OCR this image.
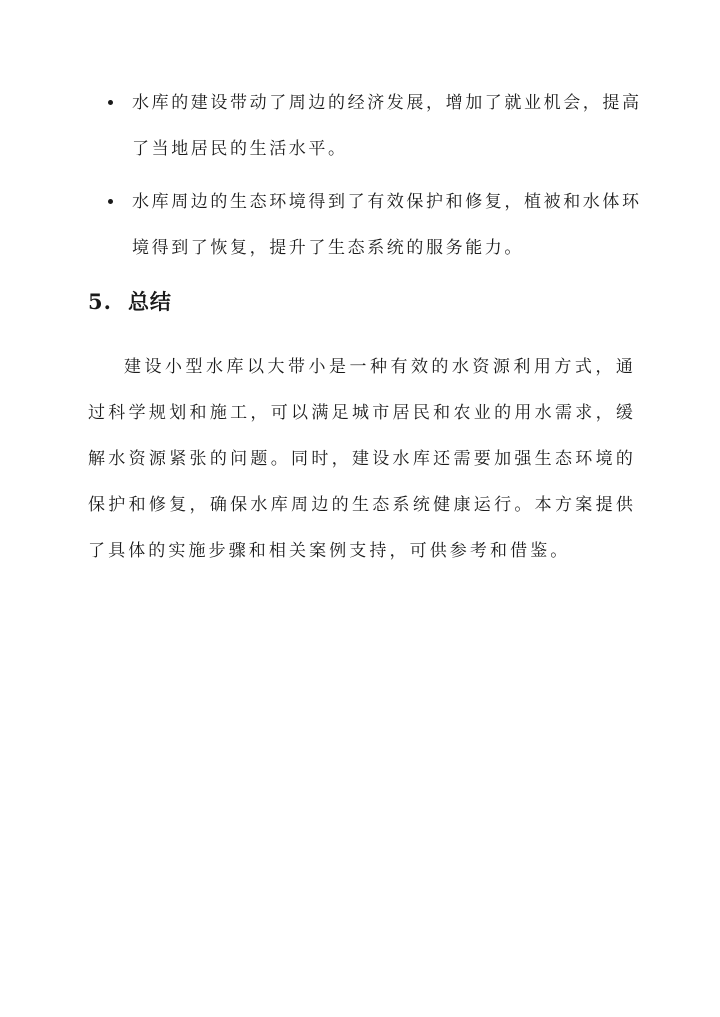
水库的建设带动了周边的经济发展，增加了就业机会，提高了当地居民的生活水平。
水库周边的生态环境得到了有效保护和修复，植被和水体环境得到了恢复，提升了生态系统的服务能力。
5. 总结

建设小型水库以大带小是一种有效的水资源利用方式，通过科学规划和施工，可以满足城市居民和农业的用水需求，缓解水资源紧张的问题。同时，建设水库还需要加强生态环境的保护和修复，确保水库周边的生态系统健康运行。本方案提供了具体的实施步骤和相关案例支持，可供参考和借鉴。
